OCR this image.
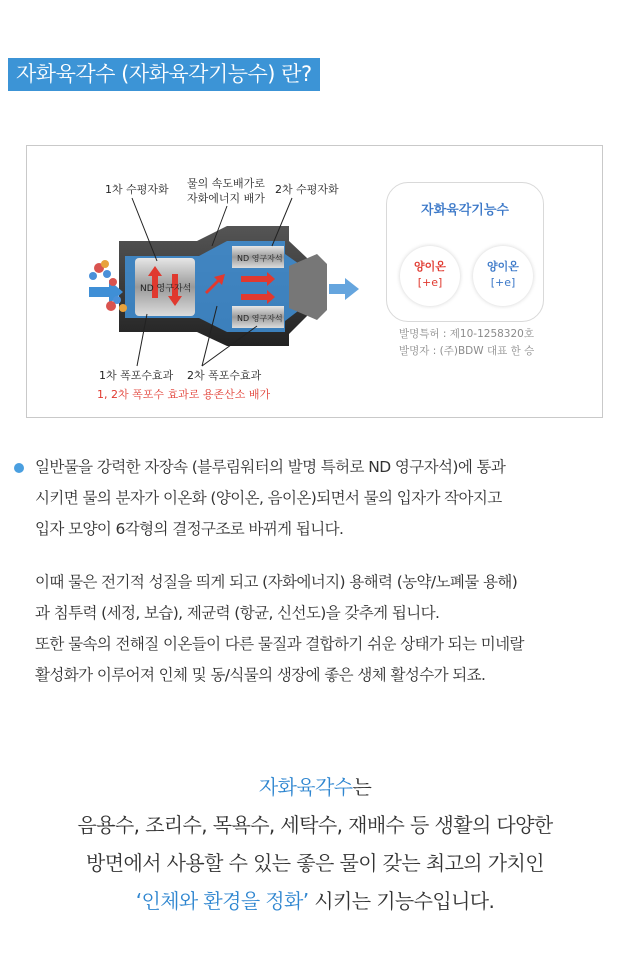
자화육각수 (자화육각기능수) 란?
1차 수평자화 물의 속도배가로
자화에너지 배가
2차 수평자화
ND 영구자석
ND 영구자석
ND 영구자석
1차 폭포수효과 2차 폭포수효과
1, 2차 폭포수 효과로 용존산소 배가
자화육각기능수
양이온
[+e]
양이온
[+e]
발명특허 : 제10-1258320호
발명자 : (주)BDW 대표 한 승
일반물을 강력한 자장속 (블루림워터의 발명 특허로 ND 영구자석)에 통과
시키면 물의 분자가 이온화 (양이온, 음이온)되면서 물의 입자가 작아지고
입자 모양이 6각형의 결정구조로 바뀌게 됩니다.
이때 물은 전기적 성질을 띄게 되고 (자화에너지) 용해력 (농약/노폐물 용해)
과 침투력 (세정, 보습), 제균력 (항균, 신선도)을 갖추게 됩니다.
또한 물속의 전해질 이온들이 다른 물질과 결합하기 쉬운 상태가 되는 미네랄
활성화가 이루어져 인체 및 동/식물의 생장에 좋은 생체 활성수가 되죠.
자화육각수는
음용수, 조리수, 목욕수, 세탁수, 재배수 등 생활의 다양한
방면에서 사용할 수 있는 좋은 물이 갖는 최고의 가치인
‘인체와 환경을 정화’ 시키는 기능수입니다.
